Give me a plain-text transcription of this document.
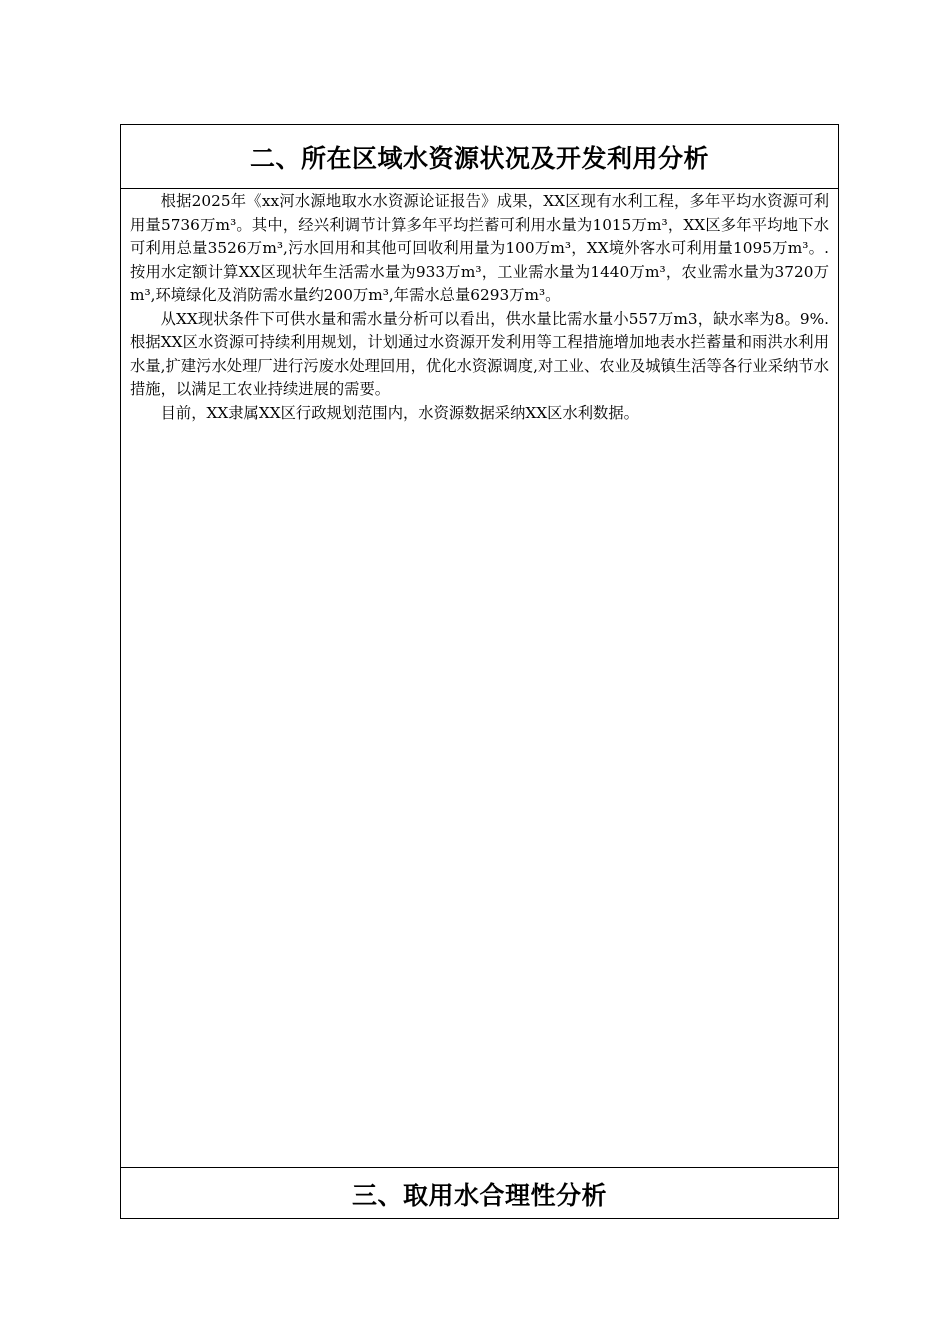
二、所在区域水资源状况及开发利用分析

根据2025年《xx河水源地取水水资源论证报告》成果，XX区现有水利工程，多年平均水资源可利用量5736万m³。其中，经兴利调节计算多年平均拦蓄可利用水量为1015万m³，XX区多年平均地下水可利用总量3526万m³,污水回用和其他可回收利用量为100万m³，XX境外客水可利用量1095万m³。.按用水定额计算XX区现状年生活需水量为933万m³，工业需水量为1440万m³，农业需水量为3720万m³,环境绿化及消防需水量约200万m³,年需水总量6293万m³。

从XX现状条件下可供水量和需水量分析可以看出，供水量比需水量小557万m3，缺水率为8。9%.根据XX区水资源可持续利用规划，计划通过水资源开发利用等工程措施增加地表水拦蓄量和雨洪水利用水量,扩建污水处理厂进行污废水处理回用，优化水资源调度,对工业、农业及城镇生活等各行业采纳节水措施，以满足工农业持续进展的需要。

目前，XX隶属XX区行政规划范围内，水资源数据采纳XX区水利数据。

三、取用水合理性分析
